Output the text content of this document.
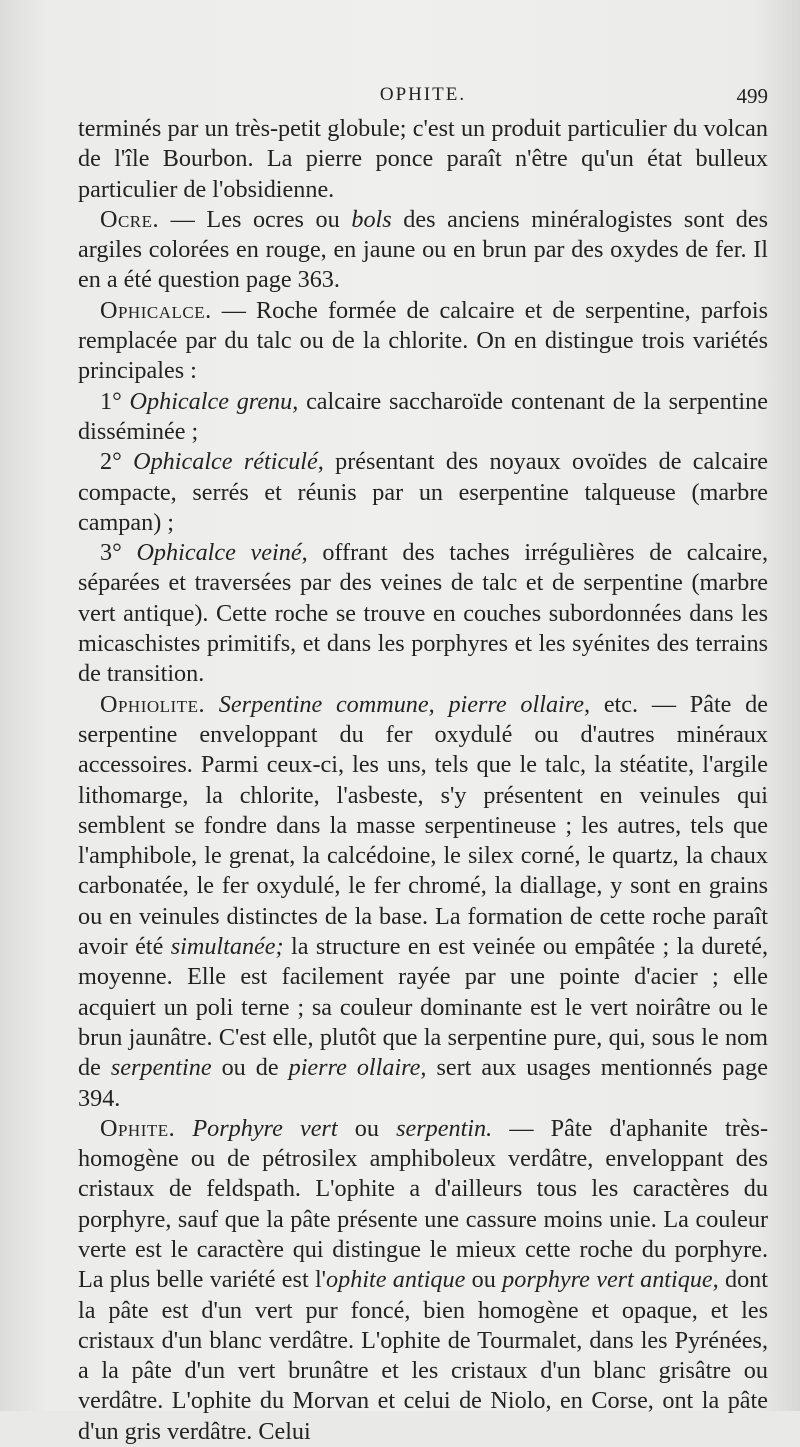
OPHITE.	499

terminés par un très-petit globule; c'est un produit particulier du volcan de l'île Bourbon. La pierre ponce paraît n'être qu'un état bulleux particulier de l'obsidienne.

Ocre. — Les ocres ou bols des anciens minéralogistes sont des argiles colorées en rouge, en jaune ou en brun par des oxydes de fer. Il en a été question page 363.

Ophicalce. — Roche formée de calcaire et de serpentine, parfois remplacée par du talc ou de la chlorite. On en distingue trois variétés principales :

1° Ophicalce grenu, calcaire saccharoïde contenant de la serpentine disséminée ;

2° Ophicalce réticulé, présentant des noyaux ovoïdes de calcaire compacte, serrés et réunis par un eserpentine talqueuse (marbre campan) ;

3° Ophicalce veiné, offrant des taches irrégulières de calcaire, séparées et traversées par des veines de talc et de serpentine (marbre vert antique). Cette roche se trouve en couches subordonnées dans les micaschistes primitifs, et dans les porphyres et les syénites des terrains de transition.

Ophiolite. Serpentine commune, pierre ollaire, etc. — Pâte de serpentine enveloppant du fer oxydulé ou d'autres minéraux accessoires. Parmi ceux-ci, les uns, tels que le talc, la stéatite, l'argile lithomarge, la chlorite, l'asbeste, s'y présentent en veinules qui semblent se fondre dans la masse serpentineuse ; les autres, tels que l'amphibole, le grenat, la calcédoine, le silex corné, le quartz, la chaux carbonatée, le fer oxydulé, le fer chromé, la diallage, y sont en grains ou en veinules distinctes de la base. La formation de cette roche paraît avoir été simultanée; la structure en est veinée ou empâtée ; la dureté, moyenne. Elle est facilement rayée par une pointe d'acier ; elle acquiert un poli terne ; sa couleur dominante est le vert noirâtre ou le brun jaunâtre. C'est elle, plutôt que la serpentine pure, qui, sous le nom de serpentine ou de pierre ollaire, sert aux usages mentionnés page 394.

Ophite. Porphyre vert ou serpentin. — Pâte d'aphanite très-homogène ou de pétrosilex amphiboleux verdâtre, enveloppant des cristaux de feldspath. L'ophite a d'ailleurs tous les caractères du porphyre, sauf que la pâte présente une cassure moins unie. La couleur verte est le caractère qui distingue le mieux cette roche du porphyre. La plus belle variété est l'ophite antique ou porphyre vert antique, dont la pâte est d'un vert pur foncé, bien homogène et opaque, et les cristaux d'un blanc verdâtre. L'ophite de Tourmalet, dans les Pyrénées, a la pâte d'un vert brunâtre et les cristaux d'un blanc grisâtre ou verdâtre. L'ophite du Morvan et celui de Niolo, en Corse, ont la pâte d'un gris verdâtre. Celui
